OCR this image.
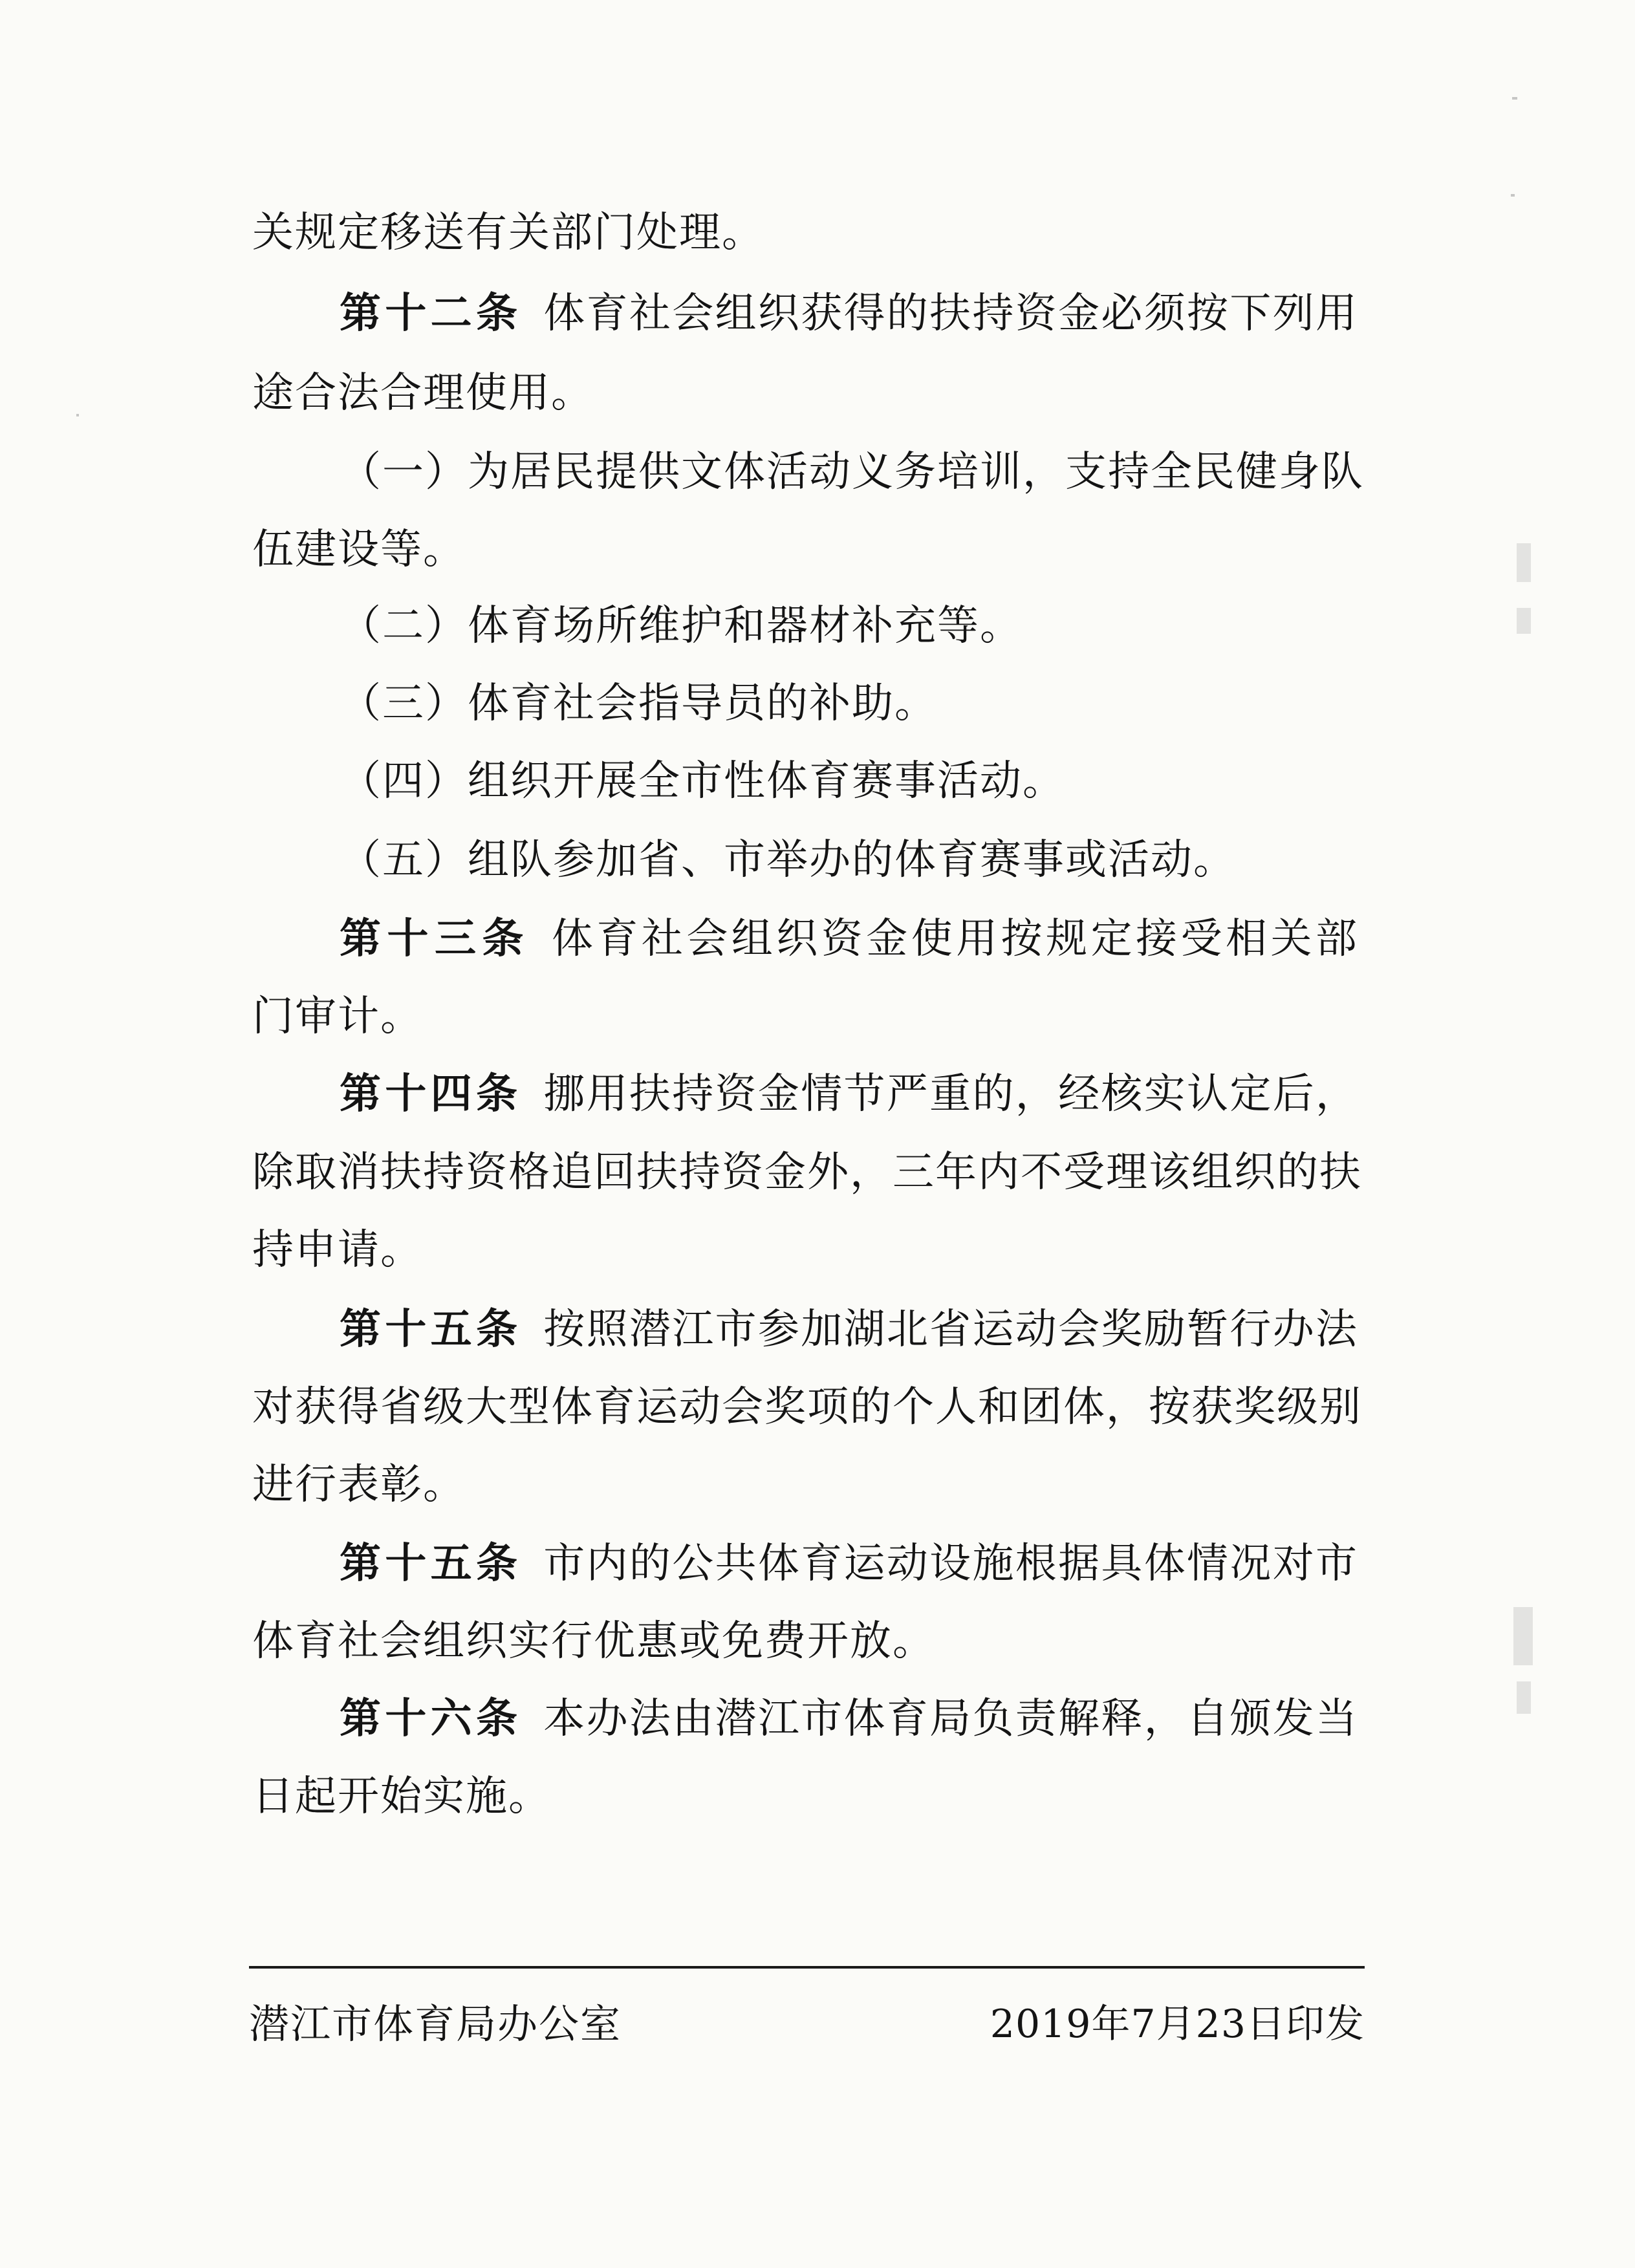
关规定移送有关部门处理。
第十二条 体育社会组织获得的扶持资金必须按下列用
途合法合理使用。
（一）为居民提供文体活动义务培训，支持全民健身队
伍建设等。
（二）体育场所维护和器材补充等。
（三）体育社会指导员的补助。
（四）组织开展全市性体育赛事活动。
（五）组队参加省、市举办的体育赛事或活动。
第十三条 体育社会组织资金使用按规定接受相关部
门审计。
第十四条 挪用扶持资金情节严重的，经核实认定后，
除取消扶持资格追回扶持资金外，三年内不受理该组织的扶
持申请。
第十五条 按照潜江市参加湖北省运动会奖励暂行办法
对获得省级大型体育运动会奖项的个人和团体，按获奖级别
进行表彰。
第十五条 市内的公共体育运动设施根据具体情况对市
体育社会组织实行优惠或免费开放。
第十六条 本办法由潜江市体育局负责解释，自颁发当
日起开始实施。
潜江市体育局办公室	2019年7月23日印发
